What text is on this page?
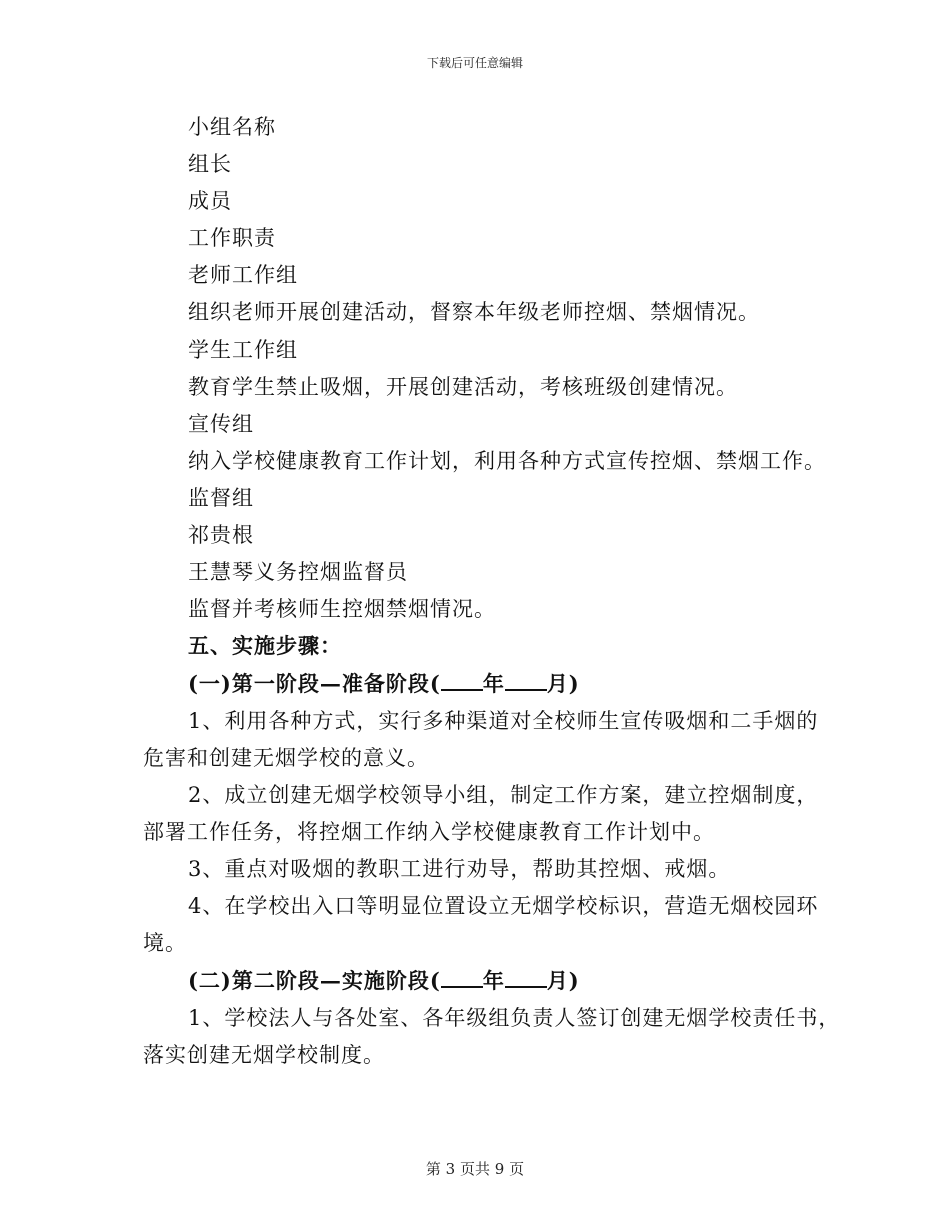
下载后可任意编辑
小组名称
组长
成员
工作职责
老师工作组
组织老师开展创建活动，督察本年级老师控烟、禁烟情况。
学生工作组
教育学生禁止吸烟，开展创建活动，考核班级创建情况。
宣传组
纳入学校健康教育工作计划，利用各种方式宣传控烟、禁烟工作。
监督组
祁贵根
王慧琴义务控烟监督员
监督并考核师生控烟禁烟情况。
五、实施步骤：
(一)第一阶段—准备阶段( 年 月)
1、利用各种方式，实行多种渠道对全校师生宣传吸烟和二手烟的
危害和创建无烟学校的意义。
2、成立创建无烟学校领导小组，制定工作方案，建立控烟制度，
部署工作任务，将控烟工作纳入学校健康教育工作计划中。
3、重点对吸烟的教职工进行劝导，帮助其控烟、戒烟。
4、在学校出入口等明显位置设立无烟学校标识，营造无烟校园环
境。
(二)第二阶段—实施阶段( 年 月)
1、学校法人与各处室、各年级组负责人签订创建无烟学校责任书，
落实创建无烟学校制度。
第 3 页共 9 页
